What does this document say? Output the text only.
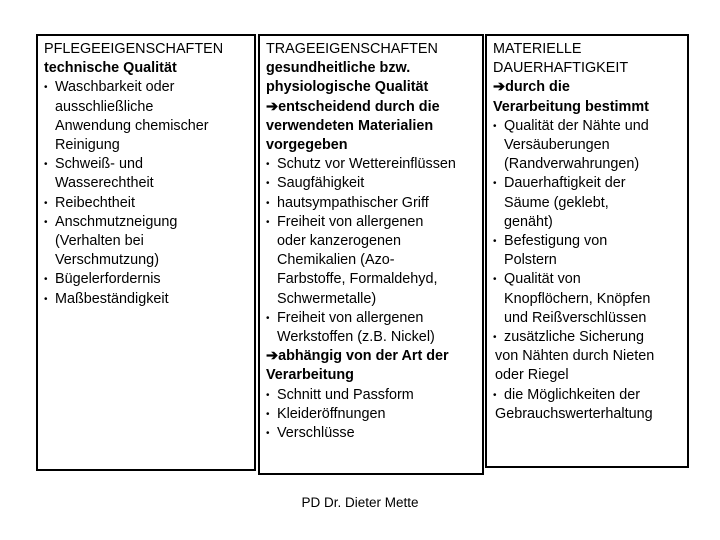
PFLEGEEIGENSCHAFTEN
technische Qualität
• Waschbarkeit oder
ausschließliche
Anwendung chemischer
Reinigung
• Schweiß- und
Wasserechtheit
• Reibechtheit
• Anschmutzneigung
(Verhalten bei
Verschmutzung)
• Bügelerfordernis
• Maßbeständigkeit
TRAGEEIGENSCHAFTEN
gesundheitliche bzw.
physiologische Qualität
➔entscheidend durch die
verwendeten Materialien
vorgegeben
• Schutz vor Wettereinflüssen
• Saugfähigkeit
• hautsympathischer Griff
• Freiheit von allergenen
oder kanzerogenen
Chemikalien (Azo-
Farbstoffe, Formaldehyd,
Schwermetalle)
• Freiheit von allergenen
Werkstoffen (z.B. Nickel)
➔abhängig von der Art der
Verarbeitung
• Schnitt und Passform
• Kleideröffnungen
• Verschlüsse
MATERIELLE
DAUERHAFTIGKEIT
➔durch die
Verarbeitung bestimmt
• Qualität der Nähte und
Versäuberungen
(Randverwahrungen)
• Dauerhaftigkeit der
Säume (geklebt,
genäht)
• Befestigung von
Polstern
• Qualität von
Knopflöchern, Knöpfen
und Reißverschlüssen
• zusätzliche Sicherung
von Nähten durch Nieten
oder Riegel
• die Möglichkeiten der
Gebrauchswerterhaltung
PD Dr. Dieter Mette
